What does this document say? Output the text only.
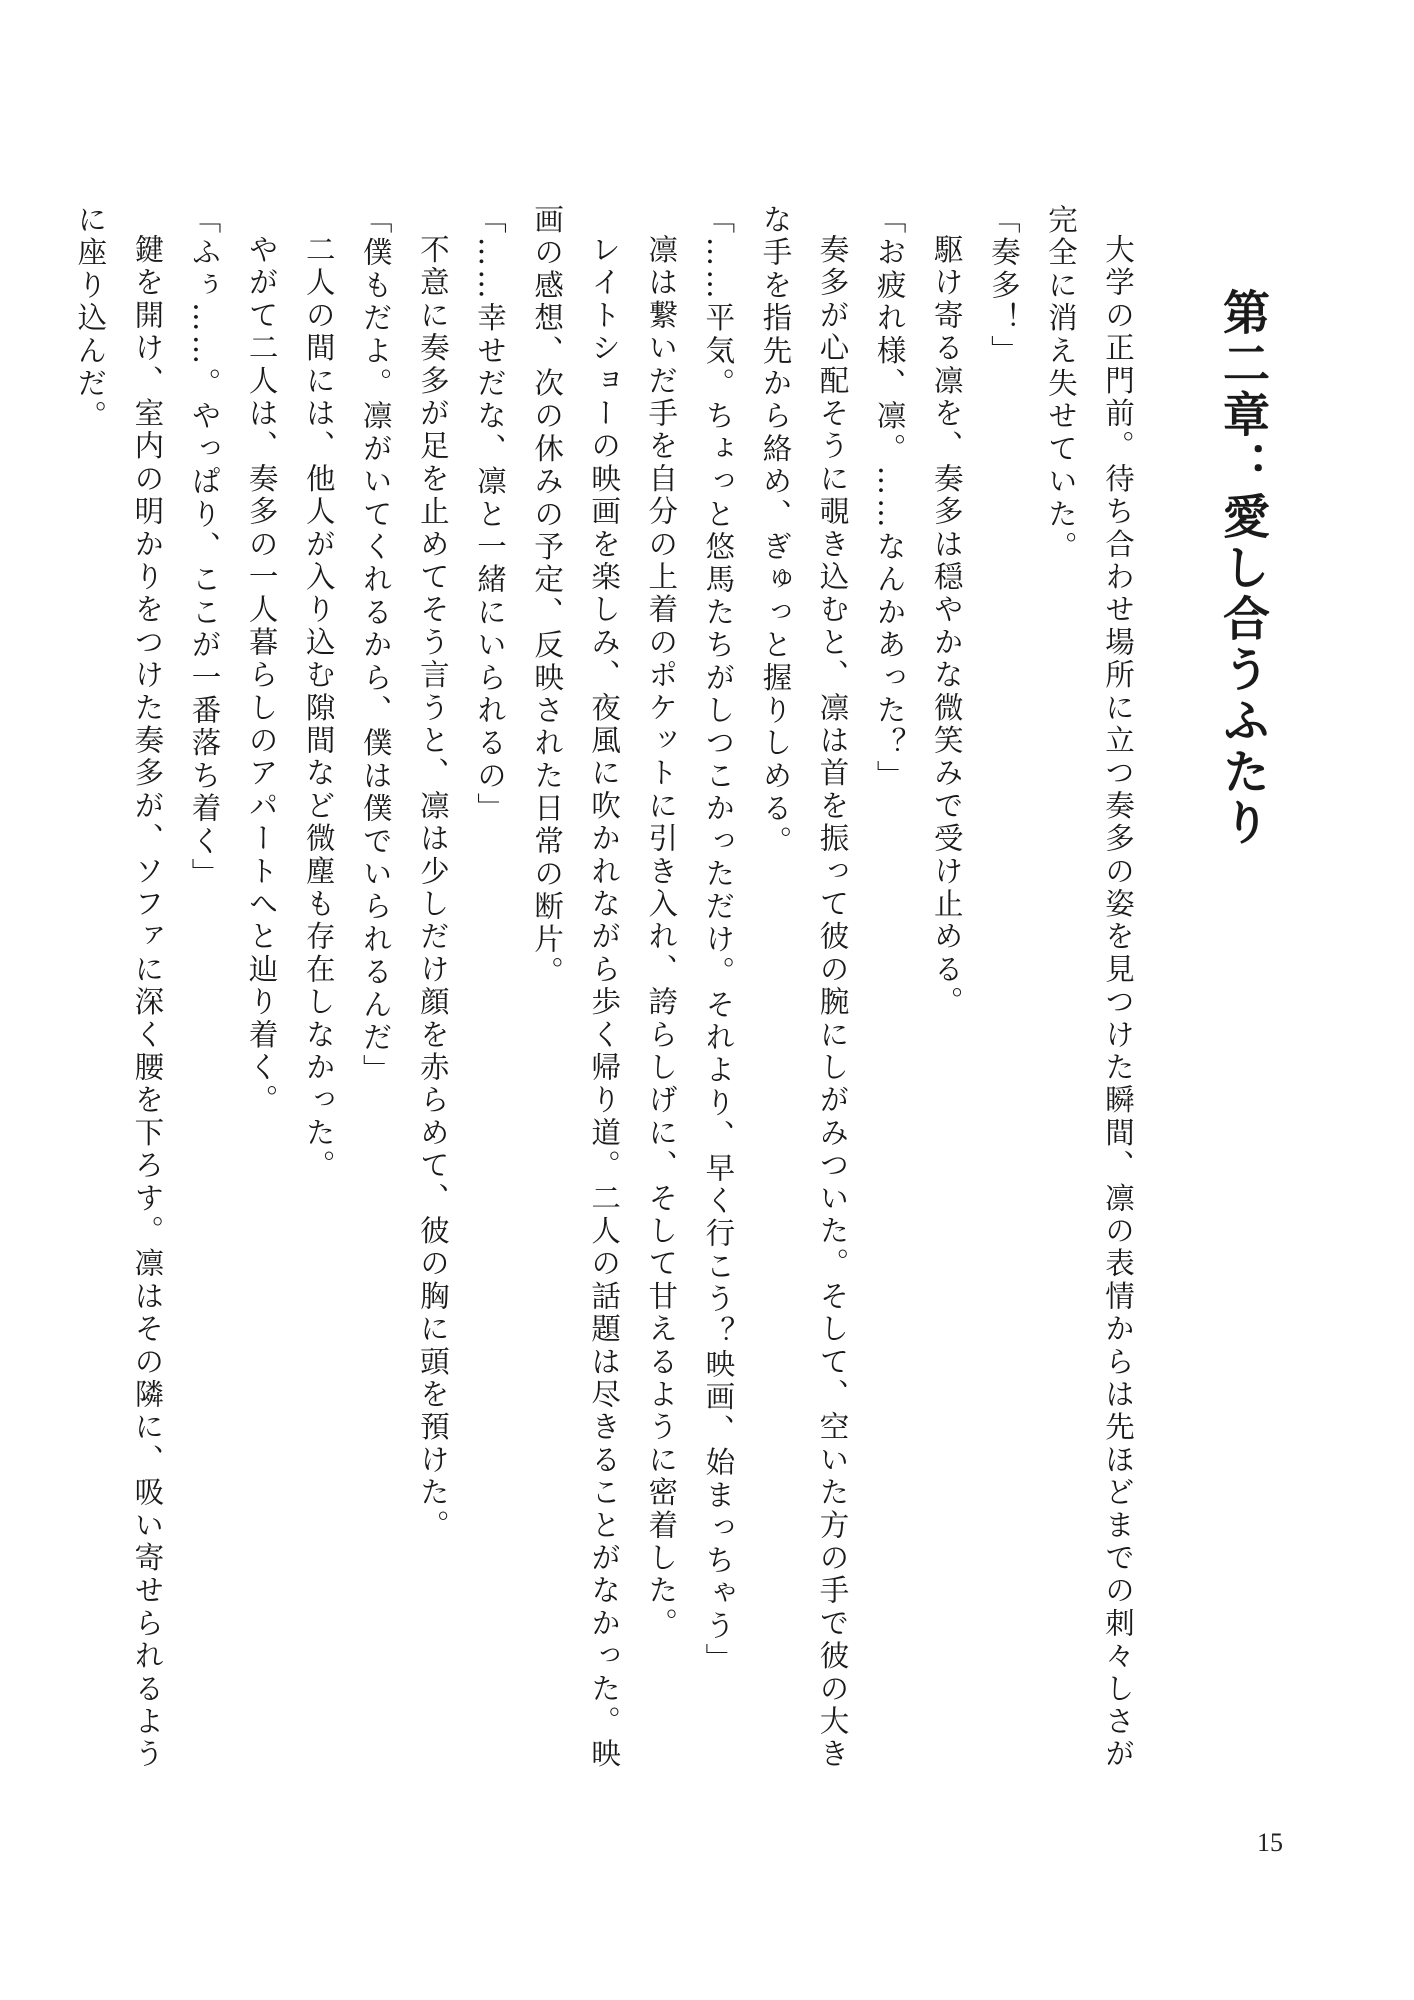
第二章：愛し合うふたり

大学の正門前。待ち合わせ場所に立つ奏多の姿を見つけた瞬間、凛の表情からは先ほどまでの刺々しさが完全に消え失せていた。

「奏多！」

駆け寄る凛を、奏多は穏やかな微笑みで受け止める。

「お疲れ様、凛。……なんかあった？」

奏多が心配そうに覗き込むと、凛は首を振って彼の腕にしがみついた。そして、空いた方の手で彼の大きな手を指先から絡め、ぎゅっと握りしめる。

「……平気。ちょっと悠馬たちがしつこかっただけ。それより、早く行こう？映画、始まっちゃう」

凛は繋いだ手を自分の上着のポケットに引き入れ、誇らしげに、そして甘えるように密着した。

レイトショーの映画を楽しみ、夜風に吹かれながら歩く帰り道。二人の話題は尽きることがなかった。映画の感想、次の休みの予定、反映された日常の断片。

「……幸せだな、凛と一緒にいられるの」

不意に奏多が足を止めてそう言うと、凛は少しだけ顔を赤らめて、彼の胸に頭を預けた。

「僕もだよ。凛がいてくれるから、僕は僕でいられるんだ」

二人の間には、他人が入り込む隙間など微塵も存在しなかった。

やがて二人は、奏多の一人暮らしのアパートへと辿り着く。

「ふぅ……。やっぱり、ここが一番落ち着く」

鍵を開け、室内の明かりをつけた奏多が、ソファに深く腰を下ろす。凛はその隣に、吸い寄せられるように座り込んだ。

15
